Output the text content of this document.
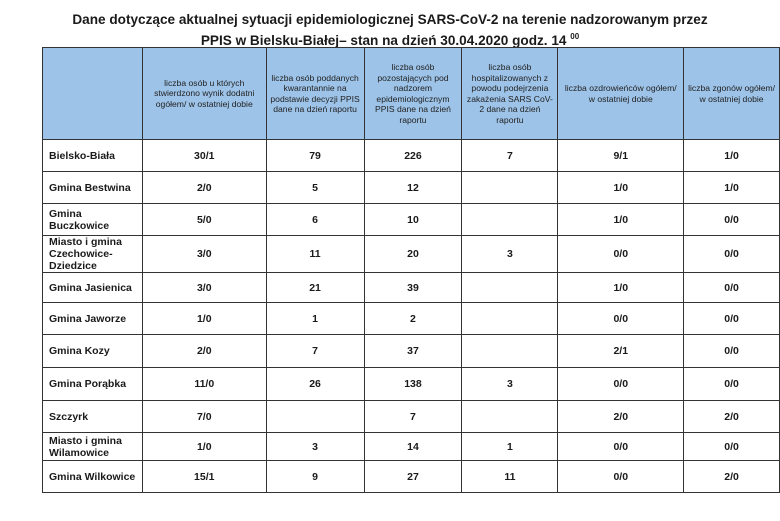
Dane dotyczące aktualnej sytuacji epidemiologicznej SARS-CoV-2 na terenie nadzorowanym przez
PPIS w Bielsku-Białej– stan na dzień 30.04.2020 godz. 14 $^{00}$
	liczba osób u których stwierdzono wynik dodatni ogółem/ w ostatniej dobie	liczba osób poddanych kwarantannie na podstawie decyzji PPIS dane na dzień raportu	liczba osób pozostających pod nadzorem epidemiologicznym PPIS dane na dzień raportu	liczba osób hospitalizowanych z powodu podejrzenia zakażenia SARS CoV-2 dane na dzień raportu	liczba ozdrowieńców ogółem/ w ostatniej dobie	liczba zgonów ogółem/ w ostatniej dobie
Bielsko-Biała	30/1	79	226	7	9/1	1/0
Gmina Bestwina	2/0	5	12		1/0	1/0
Gmina Buczkowice	5/0	6	10		1/0	0/0
Miasto i gmina Czechowice-Dziedzice	3/0	11	20	3	0/0	0/0
Gmina Jasienica	3/0	21	39		1/0	0/0
Gmina Jaworze	1/0	1	2		0/0	0/0
Gmina Kozy	2/0	7	37		2/1	0/0
Gmina Porąbka	11/0	26	138	3	0/0	0/0
Szczyrk	7/0		7		2/0	2/0
Miasto i gmina Wilamowice	1/0	3	14	1	0/0	0/0
Gmina Wilkowice	15/1	9	27	11	0/0	2/0
